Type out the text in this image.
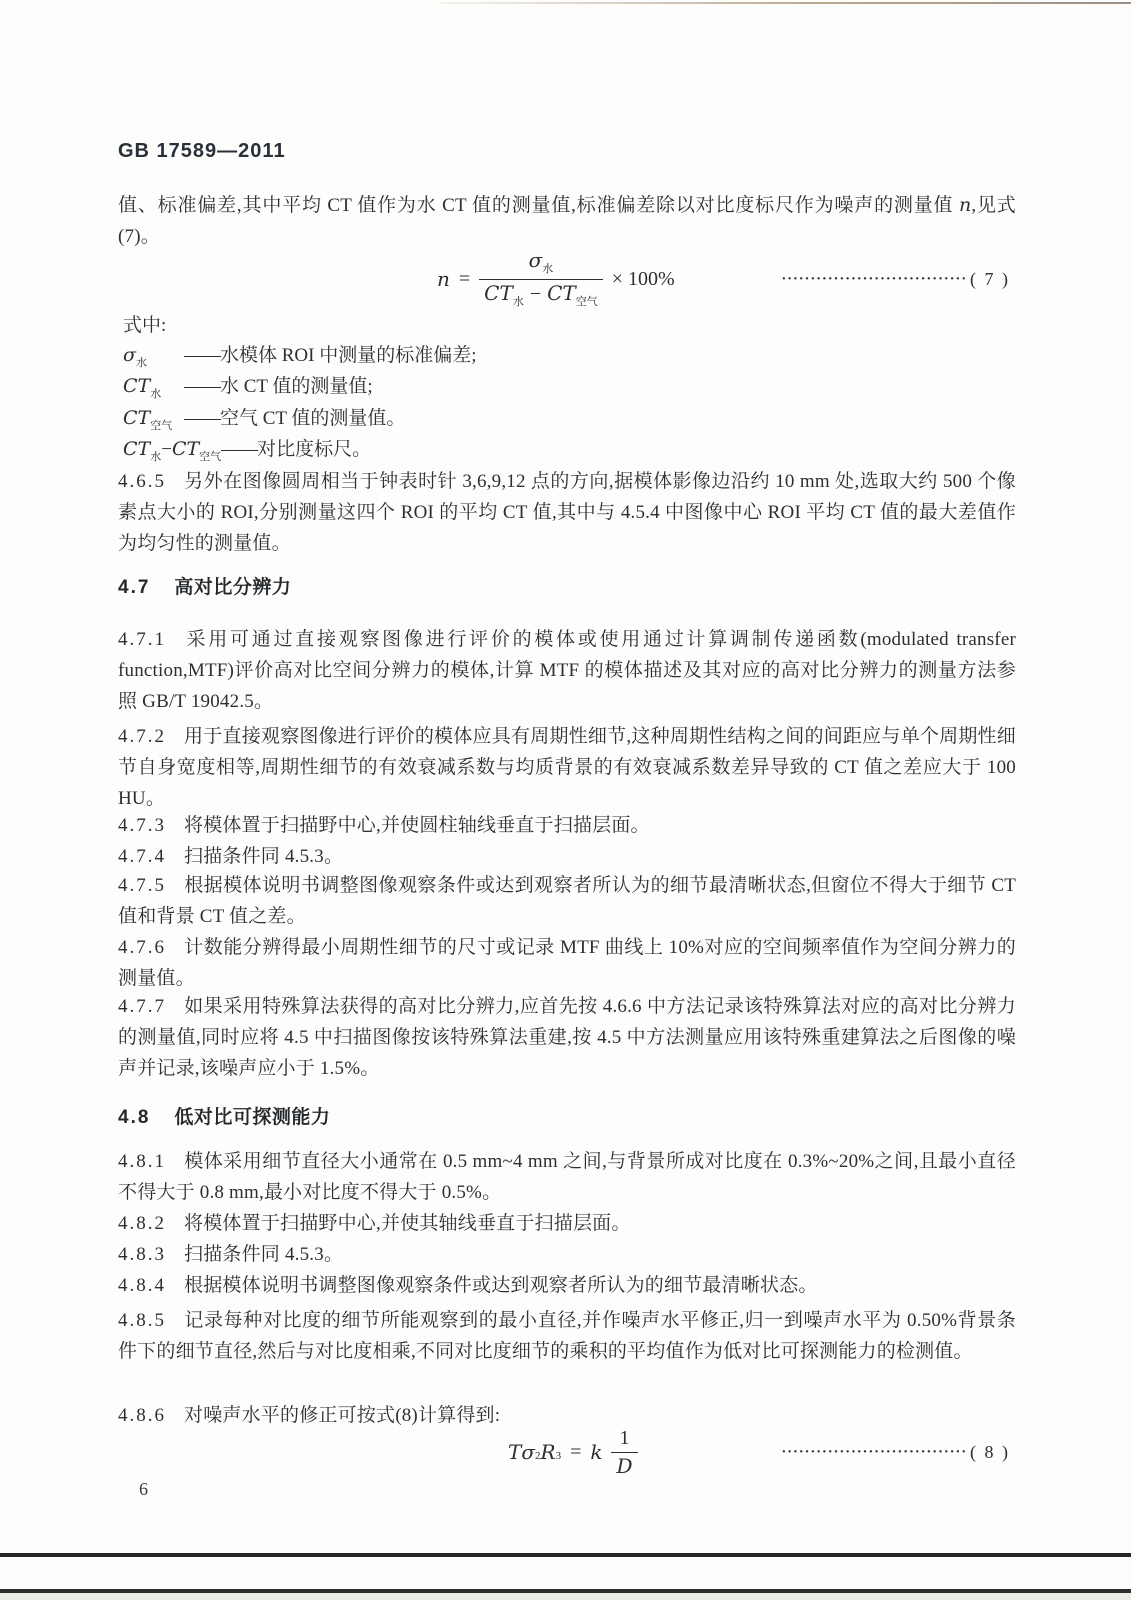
GB 17589—2011
值、标准偏差,其中平均 CT 值作为水 CT 值的测量值,标准偏差除以对比度标尺作为噪声的测量值 n,见式(7)。
$n = \frac{\sigma_水}{CT_水 - CT_{空气}} \times 100\%$	································ ( 7 )
式中:
$\sigma_水$ ——水模体 ROI 中测量的标准偏差;
$CT_水$ ——水 CT 值的测量值;
$CT_{空气}$ ——空气 CT 值的测量值。
$CT_水-CT_{空气}——$对比度标尺。
4.6.5 另外在图像圆周相当于钟表时针 3,6,9,12 点的方向,据模体影像边沿约 10 mm 处,选取大约 500 个像素点大小的 ROI,分别测量这四个 ROI 的平均 CT 值,其中与 4.5.4 中图像中心 ROI 平均 CT 值的最大差值作为均匀性的测量值。
4.7 高对比分辨力
4.7.1 采用可通过直接观察图像进行评价的模体或使用通过计算调制传递函数(modulated transfer function,MTF)评价高对比空间分辨力的模体,计算 MTF 的模体描述及其对应的高对比分辨力的测量方法参照 GB/T 19042.5。
4.7.2 用于直接观察图像进行评价的模体应具有周期性细节,这种周期性结构之间的间距应与单个周期性细节自身宽度相等,周期性细节的有效衰减系数与均质背景的有效衰减系数差异导致的 CT 值之差应大于 100 HU。
4.7.3 将模体置于扫描野中心,并使圆柱轴线垂直于扫描层面。
4.7.4 扫描条件同 4.5.3。
4.7.5 根据模体说明书调整图像观察条件或达到观察者所认为的细节最清晰状态,但窗位不得大于细节 CT 值和背景 CT 值之差。
4.7.6 计数能分辨得最小周期性细节的尺寸或记录 MTF 曲线上 10%对应的空间频率值作为空间分辨力的测量值。
4.7.7 如果采用特殊算法获得的高对比分辨力,应首先按 4.6.6 中方法记录该特殊算法对应的高对比分辨力的测量值,同时应将 4.5 中扫描图像按该特殊算法重建,按 4.5 中方法测量应用该特殊重建算法之后图像的噪声并记录,该噪声应小于 1.5%。
4.8 低对比可探测能力
4.8.1 模体采用细节直径大小通常在 0.5 mm~4 mm 之间,与背景所成对比度在 0.3%~20%之间,且最小直径不得大于 0.8 mm,最小对比度不得大于 0.5%。
4.8.2 将模体置于扫描野中心,并使其轴线垂直于扫描层面。
4.8.3 扫描条件同 4.5.3。
4.8.4 根据模体说明书调整图像观察条件或达到观察者所认为的细节最清晰状态。
4.8.5 记录每种对比度的细节所能观察到的最小直径,并作噪声水平修正,归一到噪声水平为 0.50%背景条件下的细节直径,然后与对比度相乘,不同对比度细节的乘积的平均值作为低对比可探测能力的检测值。
4.8.6 对噪声水平的修正可按式(8)计算得到:
T $\sigma_2$ $R_3 = k \frac{1}{D}$	································ ( 8 )
6
